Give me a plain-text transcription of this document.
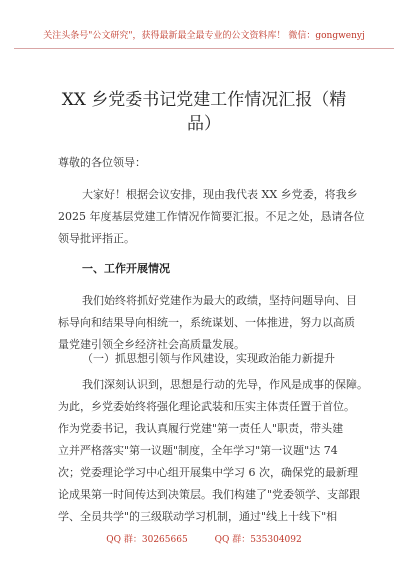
关注头条号"公文研究"，获得最新最全最专业的公文资料库！ 微信：gongwenyj
XX 乡党委书记党建工作情况汇报（精
品）
尊敬的各位领导：
大家好！根据会议安排，现由我代表 XX 乡党委，将我乡
2025 年度基层党建工作情况作简要汇报。不足之处，恳请各位
领导批评指正。
一、工作开展情况
我们始终将抓好党建作为最大的政绩，坚持问题导向、目
标导向和结果导向相统一，系统谋划、一体推进，努力以高质
量党建引领全乡经济社会高质量发展。
（一）抓思想引领与作风建设，实现政治能力新提升
我们深刻认识到，思想是行动的先导，作风是成事的保障。
为此，乡党委始终将强化理论武装和压实主体责任置于首位。
作为党委书记，我认真履行党建"第一责任人"职责，带头建
立并严格落实"第一议题"制度，全年学习"第一议题"达 74
次；党委理论学习中心组开展集中学习 6 次，确保党的最新理
论成果第一时间传达到决策层。我们构建了"党委领学、支部跟
学、全员共学"的三级联动学习机制，通过"线上十线下"相
QQ 群：30265665	QQ 群：535304092
